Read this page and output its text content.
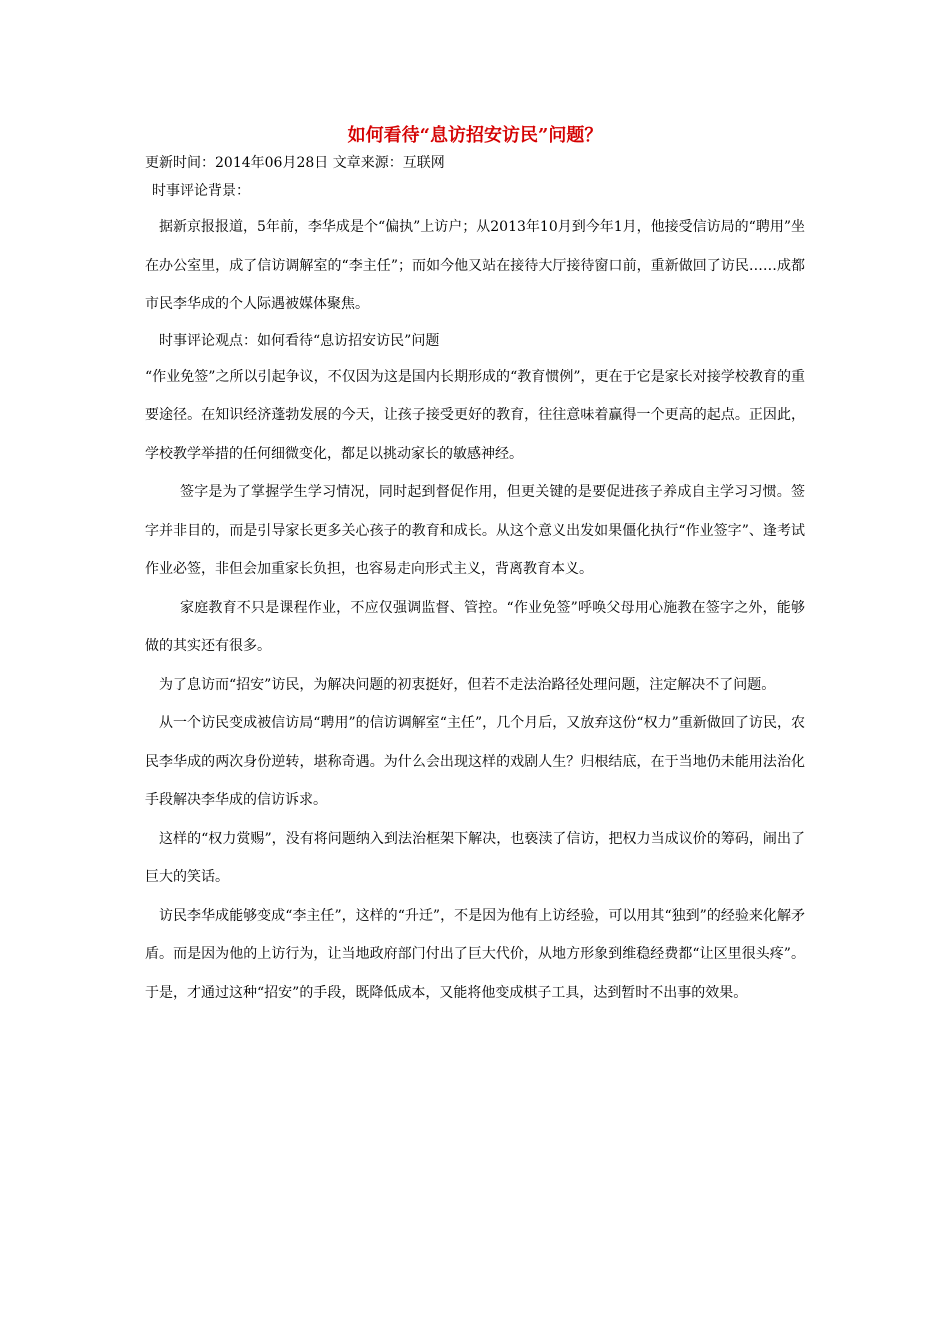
如何看待“息访招安访民”问题？

更新时间：2014年06月28日 文章来源：互联网

时事评论背景：

据新京报报道，5年前，李华成是个“偏执”上访户；从2013年10月到今年1月，他接受信访局的“聘用”坐在办公室里，成了信访调解室的“李主任”；而如今他又站在接待大厅接待窗口前，重新做回了访民……成都市民李华成的个人际遇被媒体聚焦。

时事评论观点：如何看待“息访招安访民”问题

“作业免签”之所以引起争议，不仅因为这是国内长期形成的“教育惯例”，更在于它是家长对接学校教育的重要途径。在知识经济蓬勃发展的今天，让孩子接受更好的教育，往往意味着赢得一个更高的起点。正因此，学校教学举措的任何细微变化，都足以挑动家长的敏感神经。

签字是为了掌握学生学习情况，同时起到督促作用，但更关键的是要促进孩子养成自主学习习惯。签字并非目的，而是引导家长更多关心孩子的教育和成长。从这个意义出发如果僵化执行“作业签字”、逢考试作业必签，非但会加重家长负担，也容易走向形式主义，背离教育本义。

家庭教育不只是课程作业，不应仅强调监督、管控。“作业免签”呼唤父母用心施教在签字之外，能够做的其实还有很多。

为了息访而“招安”访民，为解决问题的初衷挺好，但若不走法治路径处理问题，注定解决不了问题。

从一个访民变成被信访局“聘用”的信访调解室“主任”，几个月后，又放弃这份“权力”重新做回了访民，农民李华成的两次身份逆转，堪称奇遇。为什么会出现这样的戏剧人生？归根结底，在于当地仍未能用法治化手段解决李华成的信访诉求。

这样的“权力赏赐”，没有将问题纳入到法治框架下解决，也亵渎了信访，把权力当成议价的筹码，闹出了巨大的笑话。

访民李华成能够变成“李主任”，这样的“升迁”，不是因为他有上访经验，可以用其“独到”的经验来化解矛盾。而是因为他的上访行为，让当地政府部门付出了巨大代价，从地方形象到维稳经费都“让区里很头疼”。于是，才通过这种“招安”的手段，既降低成本，又能将他变成棋子工具，达到暂时不出事的效果。
